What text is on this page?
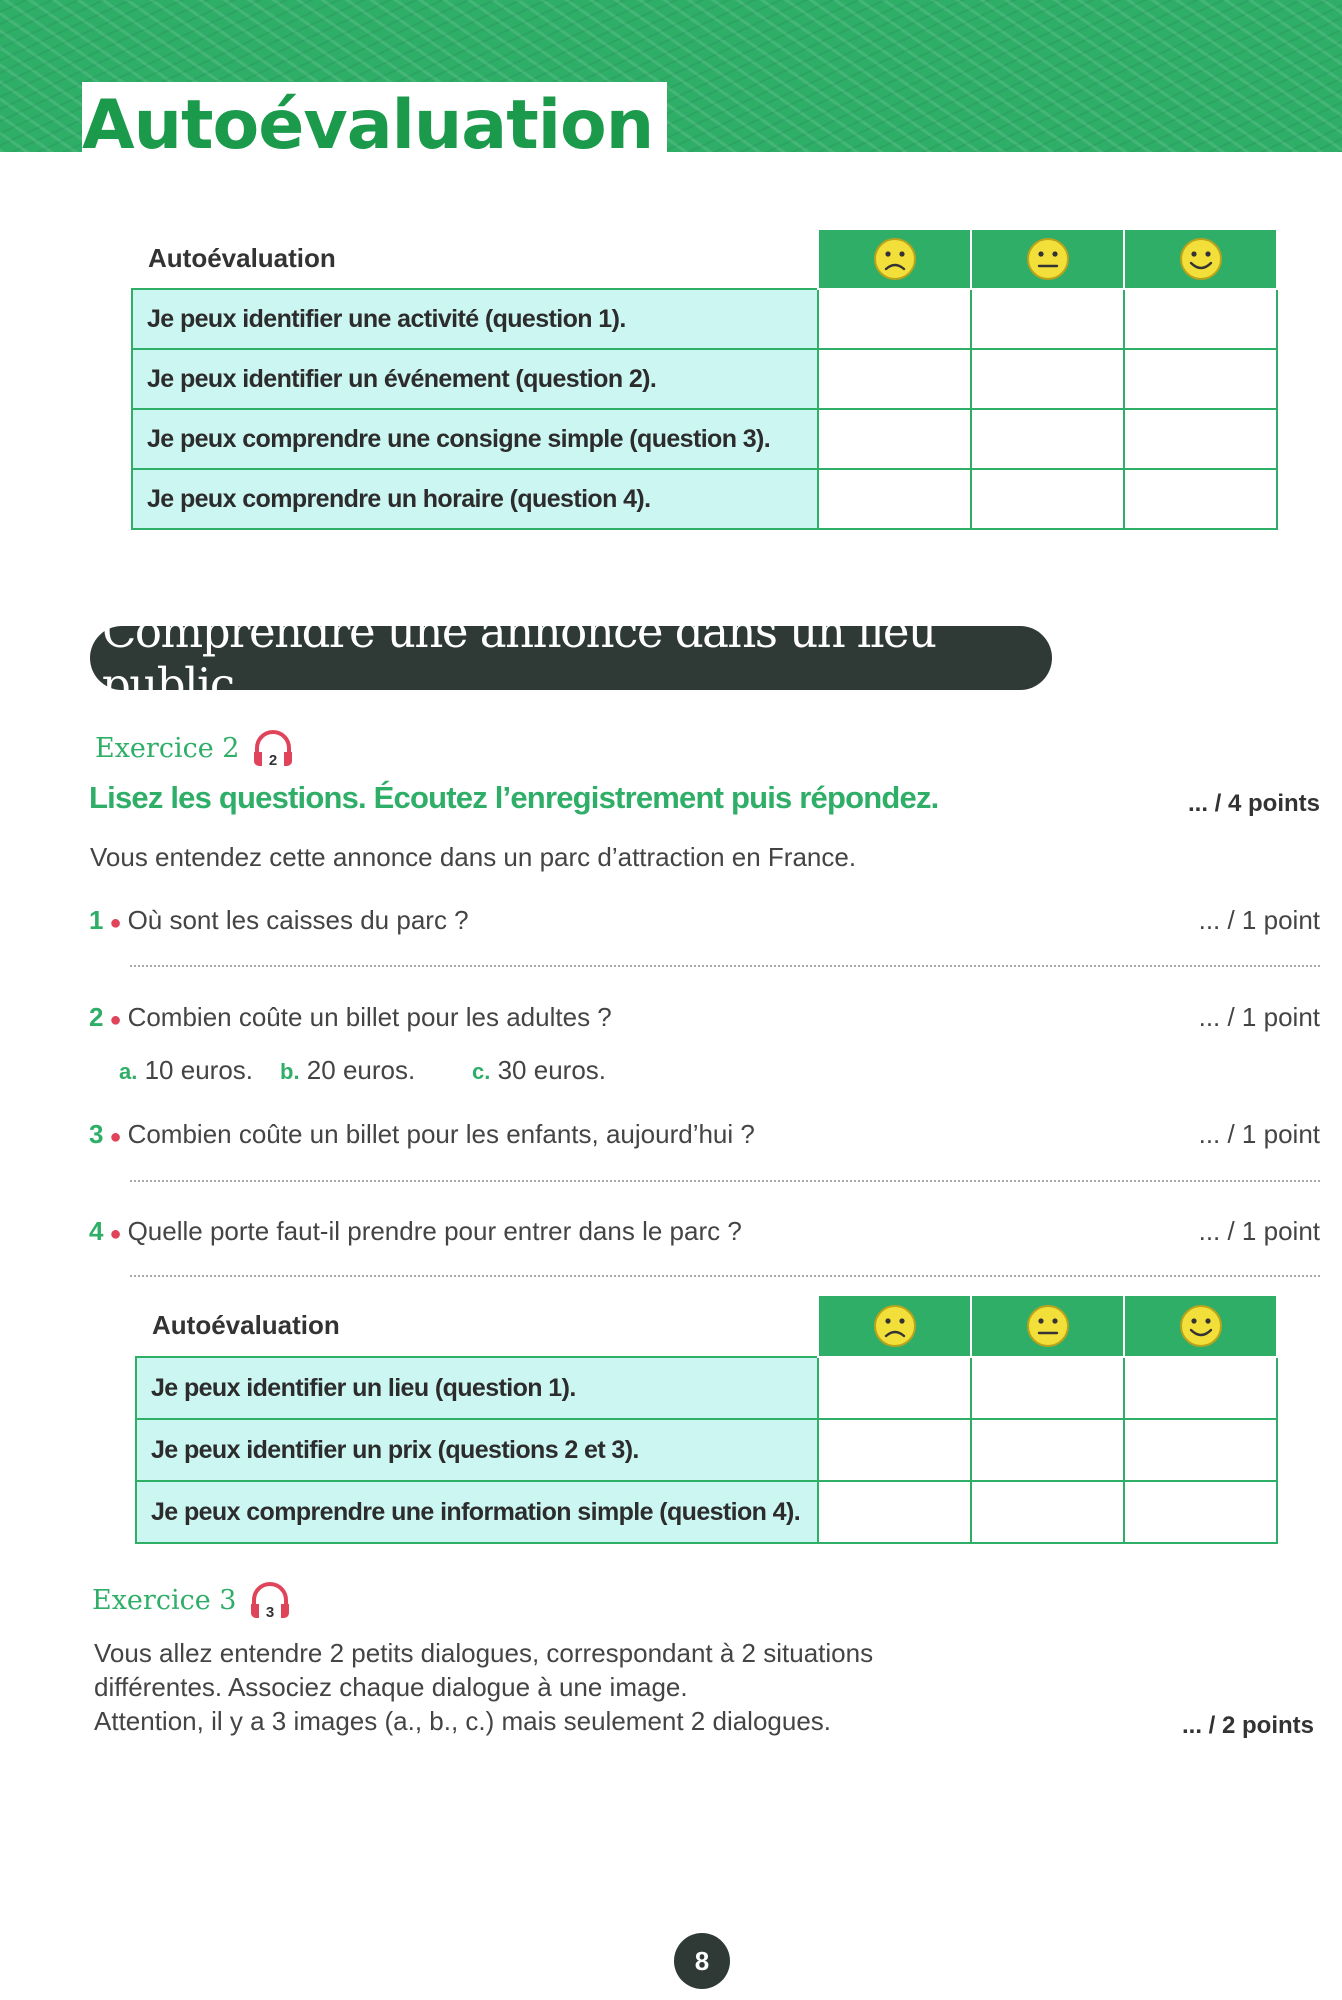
Autoévaluation
Autoévaluation			
Je peux identifier une activité (question 1).			
Je peux identifier un événement (question 2).			
Je peux comprendre une consigne simple (question 3).			
Je peux comprendre un horaire (question 4).			
Comprendre une annonce dans un lieu public
Exercice 2 2
Lisez les questions. Écoutez l’enregistrement puis répondez.	... / 4 points
Vous entendez cette annonce dans un parc d’attraction en France.
1 ● Où sont les caisses du parc ?	... / 1 point
2 ● Combien coûte un billet pour les adultes ?	... / 1 point
a. 10 euros. b. 20 euros.	c. 30 euros.
3 ● Combien coûte un billet pour les enfants, aujourd’hui ?	... / 1 point
4 ● Quelle porte faut-il prendre pour entrer dans le parc ?	... / 1 point
Autoévaluation			
Je peux identifier un lieu (question 1).			
Je peux identifier un prix (questions 2 et 3).			
Je peux comprendre une information simple (question 4).			
Exercice 3 3
Vous allez entendre 2 petits dialogues, correspondant à 2 situations
différentes. Associez chaque dialogue à une image.
Attention, il y a 3 images (a., b., c.) mais seulement 2 dialogues.	... / 2 points
8
